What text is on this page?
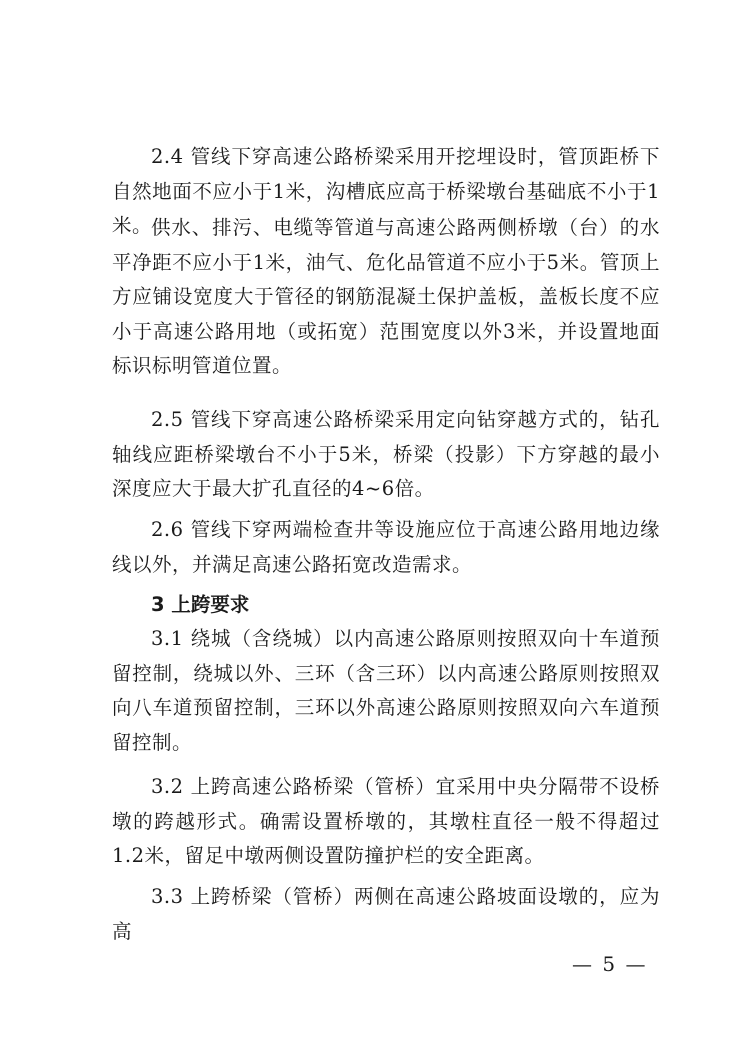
2.4 管线下穿高速公路桥梁采用开挖埋设时，管顶距桥下自然地面不应小于1米，沟槽底应高于桥梁墩台基础底不小于1米。

供水、排污、电缆等管道与高速公路两侧桥墩（台）的水平净距不应小于1米，油气、危化品管道不应小于5米。管顶上方应铺设宽度大于管径的钢筋混凝土保护盖板，盖板长度不应小于高速公路用地（或拓宽）范围宽度以外3米，并设置地面标识标明管道位置。

2.5 管线下穿高速公路桥梁采用定向钻穿越方式的，钻孔轴线应距桥梁墩台不小于5米，桥梁（投影）下方穿越的最小深度应大于最大扩孔直径的4~6倍。

2.6 管线下穿两端检查井等设施应位于高速公路用地边缘线以外，并满足高速公路拓宽改造需求。

3 上跨要求

3.1 绕城（含绕城）以内高速公路原则按照双向十车道预留控制，绕城以外、三环（含三环）以内高速公路原则按照双向八车道预留控制，三环以外高速公路原则按照双向六车道预留控制。

3.2 上跨高速公路桥梁（管桥）宜采用中央分隔带不设桥墩的跨越形式。确需设置桥墩的，其墩柱直径一般不得超过1.2米，留足中墩两侧设置防撞护栏的安全距离。

3.3 上跨桥梁（管桥）两侧在高速公路坡面设墩的，应为高

— 5 —
